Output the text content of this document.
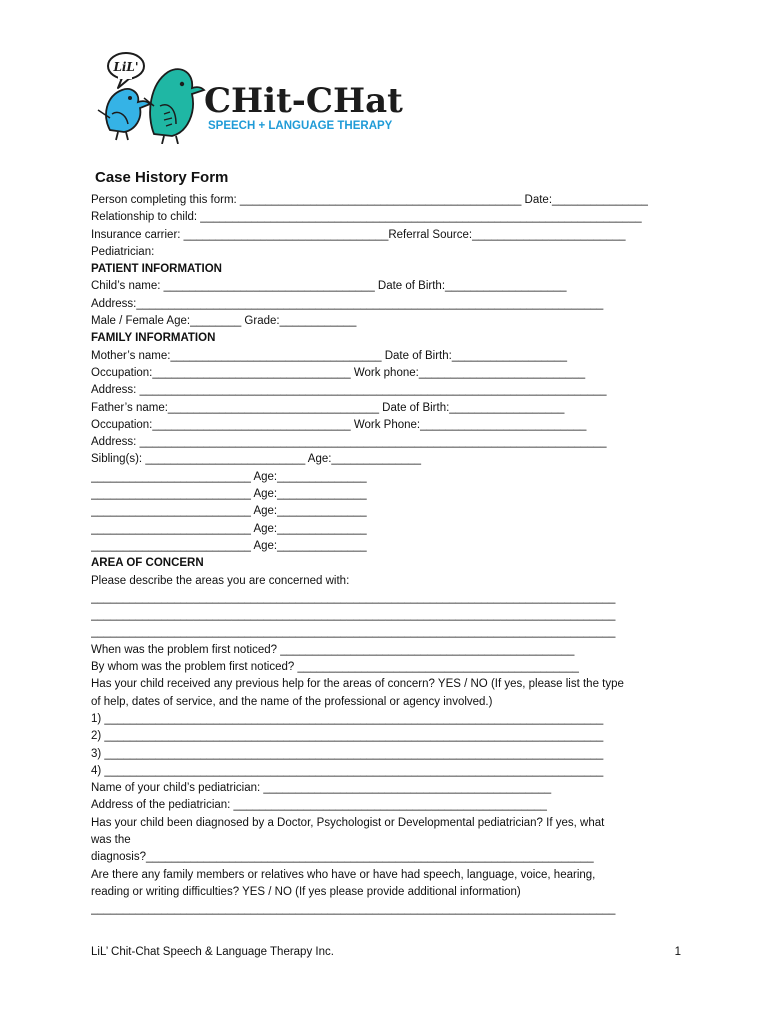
LiL'
CHit-CHat
SPEECH + LANGUAGE THERAPY
Case History Form
Person completing this form: ____________________________________________ Date:_______________
Relationship to child: _____________________________________________________________________
Insurance carrier: ________________________________Referral Source:________________________
Pediatrician:
PATIENT INFORMATION
Child’s name: _________________________________ Date of Birth:___________________
Address:_________________________________________________________________________
Male / Female Age:________ Grade:____________
FAMILY INFORMATION
Mother’s name:_________________________________ Date of Birth:__________________
Occupation:_______________________________ Work phone:__________________________
Address: _________________________________________________________________________
Father’s name:_________________________________ Date of Birth:__________________
Occupation:_______________________________ Work Phone:__________________________
Address: _________________________________________________________________________
Sibling(s): _________________________ Age:______________
_________________________ Age:______________
_________________________ Age:______________
_________________________ Age:______________
_________________________ Age:______________
_________________________ Age:______________
AREA OF CONCERN
Please describe the areas you are concerned with:
__________________________________________________________________________________
__________________________________________________________________________________
__________________________________________________________________________________
When was the problem first noticed? ______________________________________________
By whom was the problem first noticed? ____________________________________________
Has your child received any previous help for the areas of concern? YES / NO (If yes, please list the type
of help, dates of service, and the name of the professional or agency involved.)
1) ______________________________________________________________________________
2) ______________________________________________________________________________
3) ______________________________________________________________________________
4) ______________________________________________________________________________
Name of your child’s pediatrician: _____________________________________________
Address of the pediatrician: _________________________________________________
Has your child been diagnosed by a Doctor, Psychologist or Developmental pediatrician? If yes, what
was the
diagnosis?______________________________________________________________________
Are there any family members or relatives who have or have had speech, language, voice, hearing,
reading or writing difficulties? YES / NO (If yes please provide additional information)
__________________________________________________________________________________
LiL’ Chit-Chat Speech & Language Therapy Inc.	1
